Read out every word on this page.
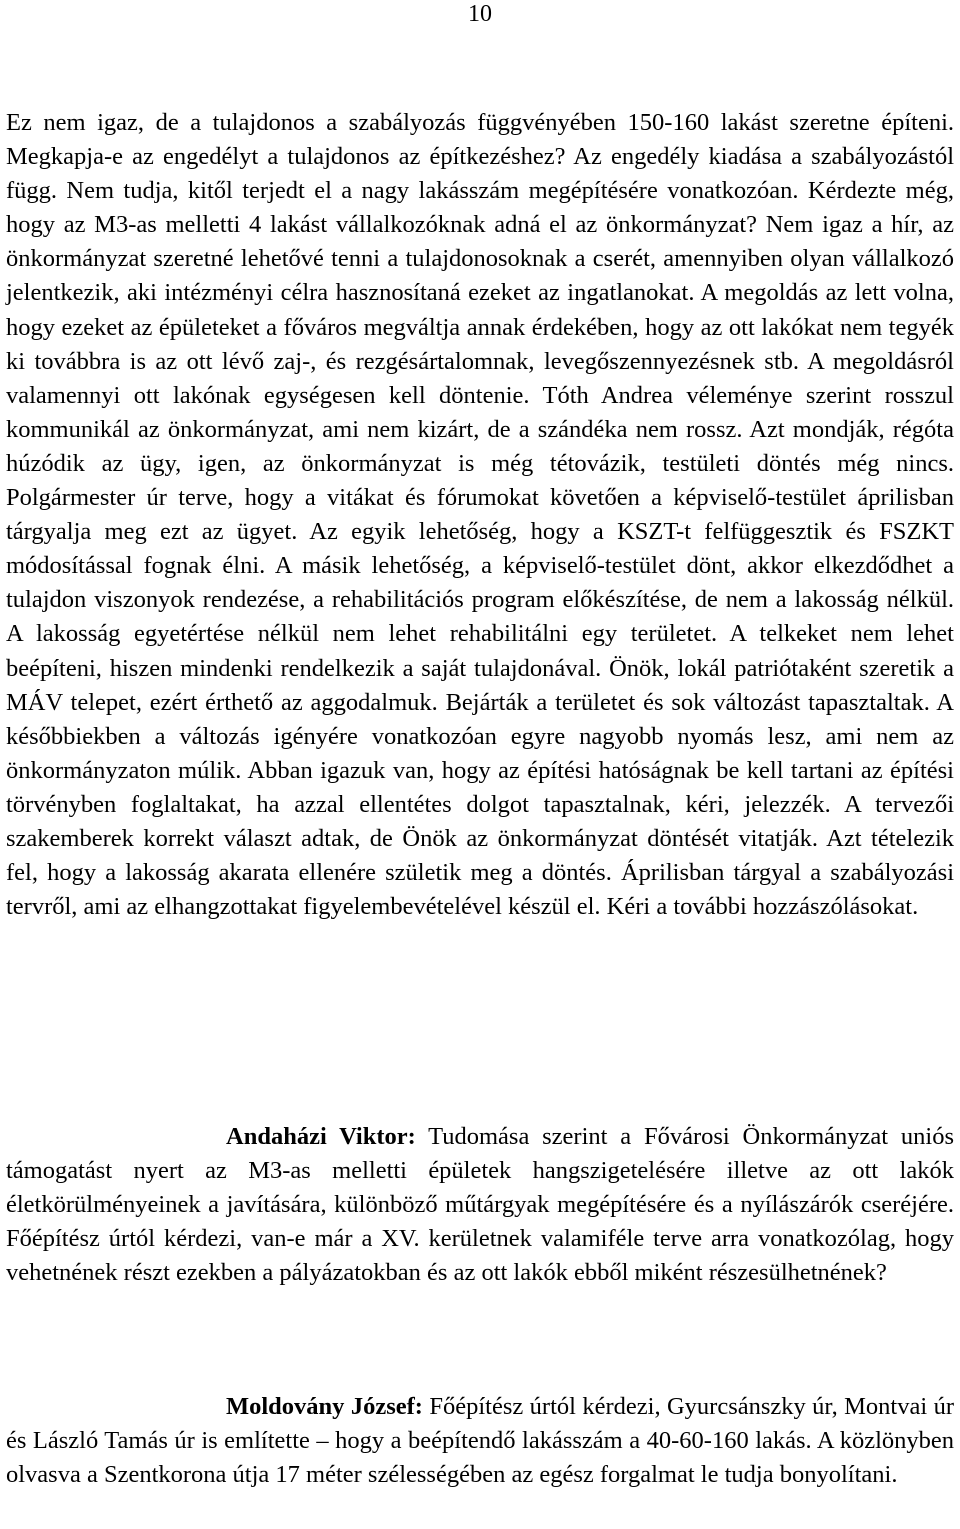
10

Ez nem igaz, de a tulajdonos a szabályozás függvényében 150-160 lakást szeretne építeni. Megkapja-e az engedélyt a tulajdonos az építkezéshez? Az engedély kiadása a szabályozástól függ. Nem tudja, kitől terjedt el a nagy lakásszám megépítésére vonatkozóan. Kérdezte még, hogy az M3-as melletti 4 lakást vállalkozóknak adná el az önkormányzat? Nem igaz a hír, az önkormányzat szeretné lehetővé tenni a tulajdonosoknak a cserét, amennyiben olyan vállalkozó jelentkezik, aki intézményi célra hasznosítaná ezeket az ingatlanokat. A megoldás az lett volna, hogy ezeket az épületeket a főváros megváltja annak érdekében, hogy az ott lakókat nem tegyék ki továbbra is az ott lévő zaj-, és rezgésártalomnak, levegőszennyezésnek stb. A megoldásról valamennyi ott lakónak egységesen kell döntenie. Tóth Andrea véleménye szerint rosszul kommunikál az önkormányzat, ami nem kizárt, de a szándéka nem rossz. Azt mondják, régóta húzódik az ügy, igen, az önkormányzat is még tétovázik, testületi döntés még nincs. Polgármester úr terve, hogy a vitákat és fórumokat követően a képviselő-testület áprilisban tárgyalja meg ezt az ügyet. Az egyik lehetőség, hogy a KSZT-t felfüggesztik és FSZKT módosítással fognak élni. A másik lehetőség, a képviselő-testület dönt, akkor elkezdődhet a tulajdon viszonyok rendezése, a rehabilitációs program előkészítése, de nem a lakosság nélkül. A lakosság egyetértése nélkül nem lehet rehabilitálni egy területet. A telkeket nem lehet beépíteni, hiszen mindenki rendelkezik a saját tulajdonával. Önök, lokál patriótaként szeretik a MÁV telepet, ezért érthető az aggodalmuk. Bejárták a területet és sok változást tapasztaltak. A későbbiekben a változás igényére vonatkozóan egyre nagyobb nyomás lesz, ami nem az önkormányzaton múlik. Abban igazuk van, hogy az építési hatóságnak be kell tartani az építési törvényben foglaltakat, ha azzal ellentétes dolgot tapasztalnak, kéri, jelezzék. A tervezői szakemberek korrekt választ adtak, de Önök az önkormányzat döntését vitatják. Azt tételezik fel, hogy a lakosság akarata ellenére születik meg a döntés. Áprilisban tárgyal a szabályozási tervről, ami az elhangzottakat figyelembevételével készül el. Kéri a további hozzászólásokat.

Andaházi Viktor: Tudomása szerint a Fővárosi Önkormányzat uniós támogatást nyert az M3-as melletti épületek hangszigetelésére illetve az ott lakók életkörülményeinek a javítására, különböző műtárgyak megépítésére és a nyílászárók cseréjére. Főépítész úrtól kérdezi, van-e már a XV. kerületnek valamiféle terve arra vonatkozólag, hogy vehetnének részt ezekben a pályázatokban és az ott lakók ebből miként részesülhetnének?

Moldovány József: Főépítész úrtól kérdezi, Gyurcsánszky úr, Montvai úr és László Tamás úr is említette – hogy a beépítendő lakásszám a 40-60-160 lakás. A közlönyben olvasva a Szentkorona útja 17 méter szélességében az egész forgalmat le tudja bonyolítani.
